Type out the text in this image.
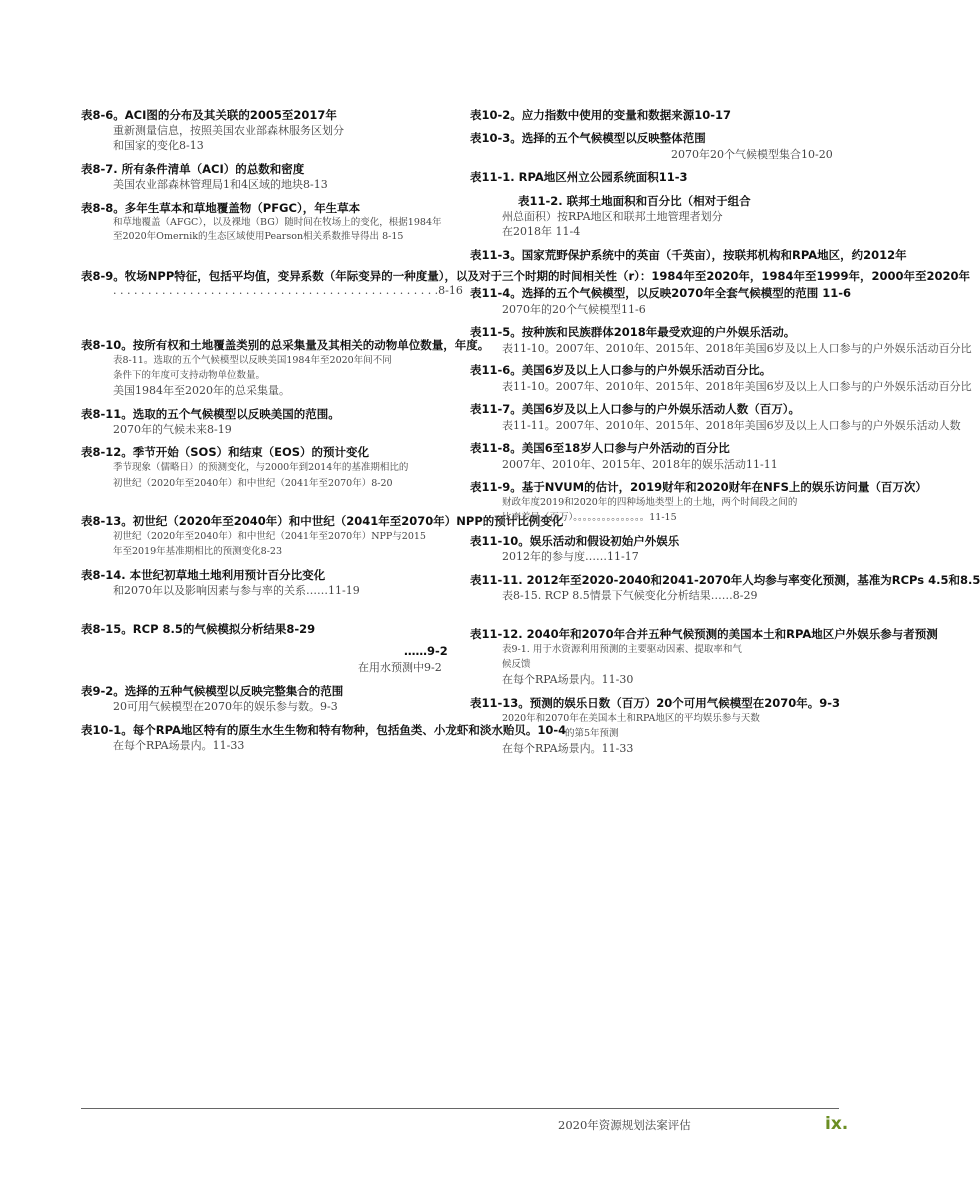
表8-6。ACI图的分布及其关联的2005至2017年
重新测量信息，按照美国农业部森林服务区划分
和国家的变化8-13
表8-7. 所有条件清单（ACI）的总数和密度
美国农业部森林管理局1和4区域的地块8-13
表8-8。多年生草本和草地覆盖物（PFGC），年生草本
和草地覆盖（AFGC），以及裸地（BG）随时间在牧场上的变化，根据1984年
至2020年Omernik的生态区域使用Pearson相关系数推导得出 8-15
表8-9。牧场NPP特征，包括平均值，变异系数（年际变异的一种度量），以及对于三个时期的时间相关性（r）：1984年至2020年，1984年至1999年，2000年至2020年
. . . . . . . . . . . . . . . . . . . . . . . . . . . . . . . . . . . . . . . . . . . . . . .8-16
表8-10。按所有权和土地覆盖类别的总采集量及其相关的动物单位数量，年度。
表8-11。选取的五个气候模型以反映美国1984年至2020年间不同
条件下的年度可支持动物单位数量。
美国1984年至2020年的总采集量。
表8-11。选取的五个气候模型以反映美国的范围。
2070年的气候未来8-19
表8-12。季节开始（SOS）和结束（EOS）的预计变化
季节现象（儒略日）的预测变化，与2000年到2014年的基准期相比的
初世纪（2020年至2040年）和中世纪（2041年至2070年）8-20
表8-13。初世纪（2020年至2040年）和中世纪（2041年至2070年）NPP的预计比例变化
初世纪（2020年至2040年）和中世纪（2041年至2070年）NPP与2015
年至2019年基准期相比的预测变化8-23
表8-14. 本世纪初草地土地利用预计百分比变化
和2070年以及影响因素与参与率的关系……11-19
表8-15。RCP 8.5的气候模拟分析结果8-29
……9-2
在用水预测中9-2
表9-2。选择的五种气候模型以反映完整集合的范围
20可用气候模型在2070年的娱乐参与数。9-3
表10-1。每个RPA地区特有的原生水生生物和特有物种，包括鱼类、小龙虾和淡水贻贝。10-4
在每个RPA场景内。11-33
表10-2。应力指数中使用的变量和数据来源10-17
表10-3。选择的五个气候模型以反映整体范围
2070年20个气候模型集合10-20
表11-1. RPA地区州立公园系统面积11-3
表11-2. 联邦土地面积和百分比（相对于组合
州总面积）按RPA地区和联邦土地管理者划分
在2018年 11-4
表11-3。国家荒野保护系统中的英亩（千英亩），按联邦机构和RPA地区，约2012年
表11-4。选择的五个气候模型，以反映2070年全套气候模型的范围 11-6
2070年的20个气候模型11-6
表11-5。按种族和民族群体2018年最受欢迎的户外娱乐活动。
表11-10。2007年、2010年、2015年、2018年美国6岁及以上人口参与的户外娱乐活动百分比
表11-6。美国6岁及以上人口参与的户外娱乐活动百分比。
表11-10。2007年、2010年、2015年、2018年美国6岁及以上人口参与的户外娱乐活动百分比
表11-7。美国6岁及以上人口参与的户外娱乐活动人数（百万）。
表11-11。2007年、2010年、2015年、2018年美国6岁及以上人口参与的户外娱乐活动人数
表11-8。美国6至18岁人口参与户外活动的百分比
2007年、2010年、2015年、2018年的娱乐活动11-11
表11-9。基于NVUM的估计，2019财年和2020财年在NFS上的娱乐访问量（百万次）
财政年度2019和2020年的四种场地类型上的土地，两个时间段之间的
比率差异（百万）。。。。。。。。。。。。。。。11-15
表11-10。娱乐活动和假设初始户外娱乐
2012年的参与度……11-17
表11-11. 2012年至2020-2040和2041-2070年人均参与率变化预测，基准为RCPs 4.5和8.5
表8-15. RCP 8.5情景下气候变化分析结果……8-29
表11-12. 2040年和2070年合并五种气候预测的美国本土和RPA地区户外娱乐参与者预测
表9-1. 用于水资源利用预测的主要驱动因素、提取率和气
候反馈
在每个RPA场景内。11-30
表11-13。预测的娱乐日数（百万）20个可用气候模型在2070年。9-3
2020年和2070年在美国本土和RPA地区的平均娱乐参与天数
的第5年预测
在每个RPA场景内。11-33
2020年资源规划法案评估	ix.
